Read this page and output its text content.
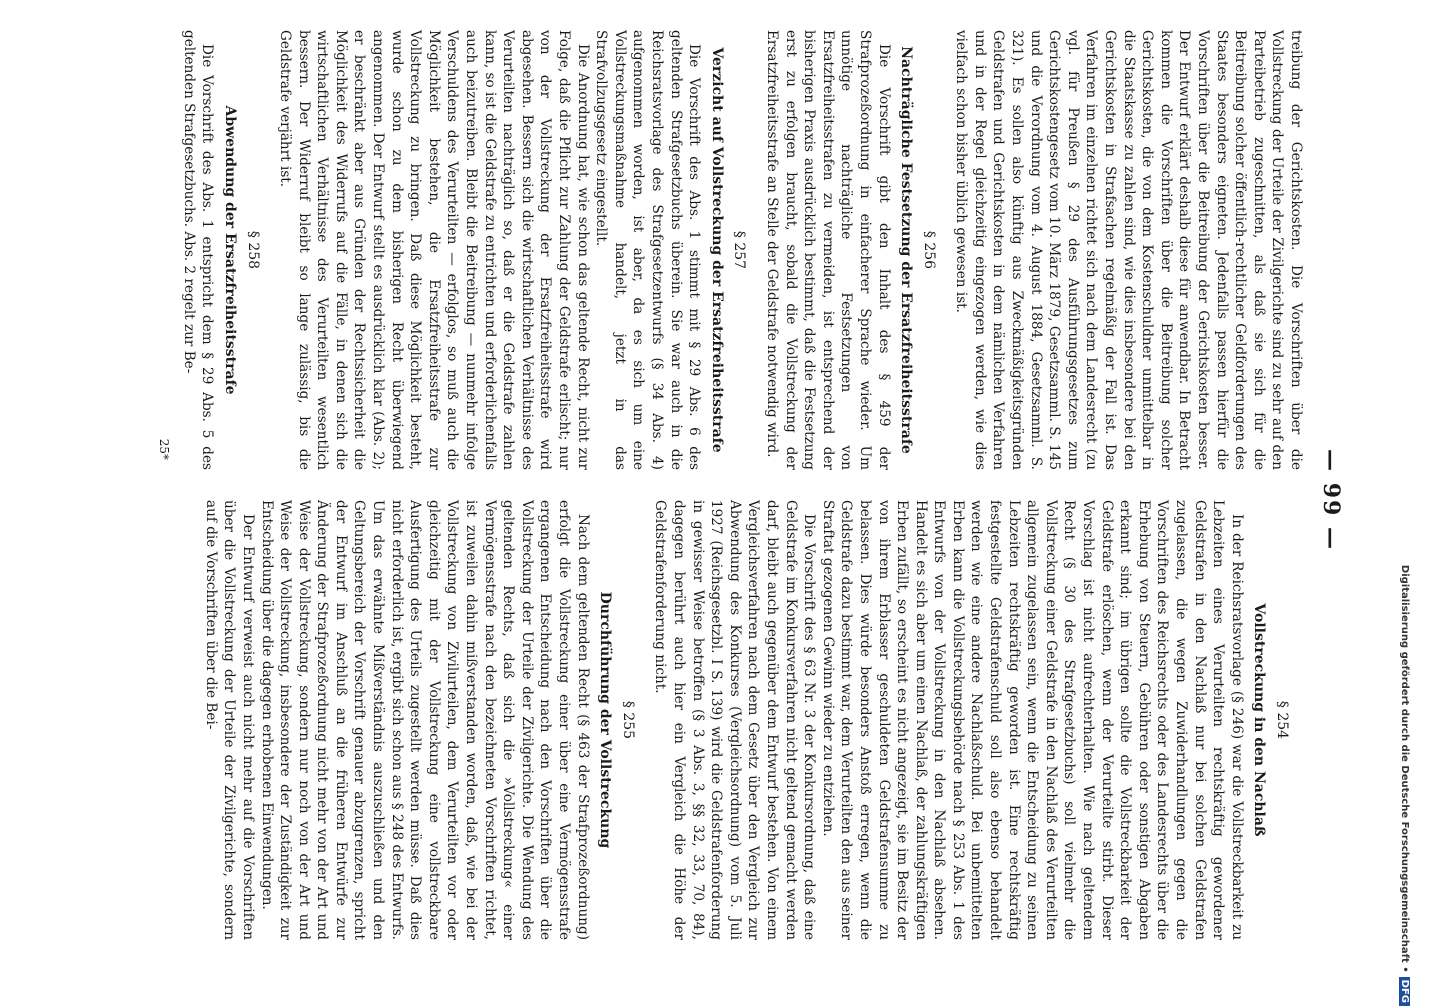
— 99 —
§ 254
Vollstreckung in den Nachlaß

In der Reichsratsvorlage (§ 246) war die Vollstreckbarkeit zu Lebzeiten eines Verurteilten rechtskräftig gewordener Geldstrafen in den Nachlaß nur bei solchen Geldstrafen zugelassen, die wegen Zuwiderhandlungen gegen die Vorschriften des Reichsrechts oder des Landesrechts über die Erhebung von Steuern, Gebühren oder sonstigen Abgaben erkannt sind; im übrigen sollte die Vollstreckbarkeit der Geldstrafe erlöschen, wenn der Verurteilte stirbt. Dieser Vorschlag ist nicht aufrechterhalten. Wie nach geltendem Recht (§ 30 des Strafgesetzbuchs) soll vielmehr die Vollstreckung einer Geldstrafe in den Nachlaß des Verurteilten allgemein zugelassen sein, wenn die Entscheidung zu seinen Lebzeiten rechtskräftig geworden ist. Eine rechtskräftig festgestellte Geldstrafenschuld soll also ebenso behandelt werden wie eine andere Nachlaßschuld. Bei unbemittelten Erben kann die Vollstreckungsbehörde nach § 253 Abs. 1 des Entwurfs von der Vollstreckung in den Nachlaß absehen. Handelt es sich aber um einen Nachlaß, der zahlungskräftigen Erben zufällt, so erscheint es nicht angezeigt, sie im Besitz der von ihrem Erblasser geschuldeten Geldstrafensumme zu belassen. Dies würde besonders Anstoß erregen, wenn die Geldstrafe dazu bestimmt war, dem Verurteilten den aus seiner Straftat gezogenen Gewinn wieder zu entziehen.

Die Vorschrift des § 63 Nr. 3 der Konkursordnung, daß eine Geldstrafe im Konkursverfahren nicht geltend gemacht werden darf, bleibt auch gegenüber dem Entwurf bestehen. Von einem Vergleichsverfahren nach dem Gesetz über den Vergleich zur Abwendung des Konkurses (Vergleichsordnung) vom 5. Juli 1927 (Reichsgesetzbl. I S. 139) wird die Geldstrafenforderung in gewisser Weise betroffen (§ 3 Abs. 3, §§ 32, 33, 70, 84), dagegen berührt auch hier ein Vergleich die Höhe der Geldstrafenforderung nicht.

§ 255
Durchführung der Vollstreckung

Nach dem geltenden Recht (§ 463 der Strafprozeßordnung) erfolgt die Vollstreckung einer über eine Vermögensstrafe ergangenen Entscheidung nach den Vorschriften über die Vollstreckung der Urteile der Zivilgerichte. Die Wendung des geltenden Rechts, daß sich die »Vollstreckung« einer Vermögensstrafe nach den bezeichneten Vorschriften richtet, ist zuweilen dahin mißverstanden worden, daß, wie bei der Vollstreckung von Zivilurteilen, dem Verurteilten vor oder gleichzeitig mit der Vollstreckung eine vollstreckbare Ausfertigung des Urteils zugestellt werden müsse. Daß dies nicht erforderlich ist, ergibt sich schon aus § 248 des Entwurfs. Um das erwähnte Mißverständnis auszuschließen und den Geltungsbereich der Vorschrift genauer abzugrenzen, spricht der Entwurf im Anschluß an die früheren Entwürfe zur Änderung der Strafprozeßordnung nicht mehr von der Art und Weise der Vollstreckung, sondern nur noch von der Art und Weise der Vollstreckung, insbesondere der Zuständigkeit zur Entscheidung über die dagegen erhobenen Einwendungen.

Der Entwurf verweist auch nicht mehr auf die Vorschriften über die Vollstreckung der Urteile der Zivilgerichte, sondern auf die Vorschriften über die Bei-

treibung der Gerichtskosten. Die Vorschriften über die Vollstreckung der Urteile der Zivilgerichte sind zu sehr auf den Parteibetrieb zugeschnitten, als daß sie sich für die Beitreibung solcher öffentlich-rechtlicher Geldforderungen des Staates besonders eigneten. Jedenfalls passen hierfür die Vorschriften über die Beitreibung der Gerichtskosten besser. Der Entwurf erklärt deshalb diese für anwendbar. In Betracht kommen die Vorschriften über die Beitreibung solcher Gerichtskosten, die von dem Kostenschuldner unmittelbar in die Staatskasse zu zahlen sind, wie dies insbesondere bei den Gerichtskosten in Strafsachen regelmäßig der Fall ist. Das Verfahren im einzelnen richtet sich nach dem Landesrecht (zu vgl. für Preußen § 29 des Ausführungsgesetzes zum Gerichtskostengesetz vom 10. März 1879, Gesetzsamml. S. 145 und die Verordnung vom 4. August 1884, Gesetzsamml. S. 321). Es sollen also künftig aus Zweckmäßigkeitsgründen Geldstrafen und Gerichtskosten in dem nämlichen Verfahren und in der Regel gleichzeitig eingezogen werden, wie dies vielfach schon bisher üblich gewesen ist.

§ 256
Nachträgliche Festsetzung der Ersatzfreiheitsstrafe

Die Vorschrift gibt den Inhalt des § 459 der Strafprozeßordnung in einfacherer Sprache wieder. Um unnötige nachträgliche Festsetzungen von Ersatzfreiheitsstrafen zu vermeiden, ist entsprechend der bisherigen Praxis ausdrücklich bestimmt, daß die Festsetzung erst zu erfolgen braucht, sobald die Vollstreckung der Ersatzfreiheitsstrafe an Stelle der Geldstrafe notwendig wird.

§ 257
Verzicht auf Vollstreckung der Ersatzfreiheitsstrafe

Die Vorschrift des Abs. 1 stimmt mit § 29 Abs. 6 des geltenden Strafgesetzbuchs überein. Sie war auch in die Reichsratsvorlage des Strafgesetzentwurfs (§ 34 Abs. 4) aufgenommen worden, ist aber, da es sich um eine Vollstreckungsmaßnahme handelt, jetzt in das Strafvollzugsgesetz eingestellt.

Die Anordnung hat, wie schon das geltende Recht, nicht zur Folge, daß die Pflicht zur Zahlung der Geldstrafe erlischt; nur von der Vollstreckung der Ersatzfreiheitsstrafe wird abgesehen. Bessern sich die wirtschaftlichen Verhältnisse des Verurteilten nachträglich so, daß er die Geldstrafe zahlen kann, so ist die Geldstrafe zu entrichten und erforderlichenfalls auch beizutreiben. Bleibt die Beitreibung — nunmehr infolge Verschuldens des Verurteilten — erfolglos, so muß auch die Möglichkeit bestehen, die Ersatzfreiheitsstrafe zur Vollstreckung zu bringen. Daß diese Möglichkeit besteht, wurde schon zu dem bisherigen Recht überwiegend angenommen. Der Entwurf stellt es ausdrücklich klar (Abs. 2); er beschränkt aber aus Gründen der Rechtssicherheit die Möglichkeit des Widerrufs auf die Fälle, in denen sich die wirtschaftlichen Verhältnisse des Verurteilten wesentlich bessern. Der Widerruf bleibt so lange zulässig, bis die Geldstrafe verjährt ist.

§ 258
Abwendung der Ersatzfreiheitsstrafe

Die Vorschrift des Abs. 1 entspricht dem § 29 Abs. 5 des geltenden Strafgesetzbuchs. Abs. 2 regelt zur Be-

25*
Digitalisierung gefördert durch die Deutsche Forschungsgemeinschaft •DFG
